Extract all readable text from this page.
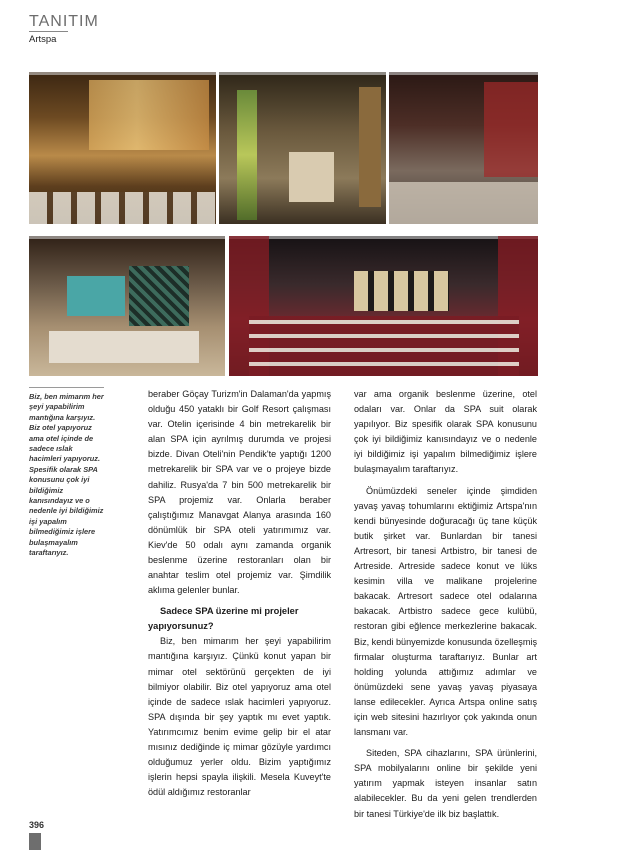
TANITIM
Artspa

Biz, ben mimarım her şeyi yapabilirim mantığına karşıyız. Biz otel yapıyoruz ama otel içinde de sadece ıslak hacimleri yapıyoruz. Spesifik olarak SPA konusunu çok iyi bildiğimiz kanısındayız ve o nedenle iyi bildiğimiz işi yapalım bilmediğimiz işlere bulaşmayalım taraftarıyız.

beraber Göçay Turizm'in Dalaman'da yapmış olduğu 450 yataklı bir Golf Resort çalışması var. Otelin içerisinde 4 bin metrekarelik bir alan SPA için ayrılmış durumda ve projesi bizde. Divan Oteli'nin Pendik'te yaptığı 1200 metrekarelik bir SPA var ve o projeye bizde dahiliz. Rusya'da 7 bin 500 metrekarelik bir SPA projemiz var. Onlarla beraber çalıştığımız Manavgat Alanya arasında 160 dönümlük bir SPA oteli yatırımımız var. Kiev'de 50 odalı aynı zamanda organik beslenme üzerine restoranları olan bir anahtar teslim otel projemiz var. Şimdilik aklıma gelenler bunlar.

Sadece SPA üzerine mi projeler yapıyorsunuz?

Biz, ben mimarım her şeyi yapabilirim mantığına karşıyız. Çünkü konut yapan bir mimar otel sektörünü gerçekten de iyi bilmiyor olabilir. Biz otel yapıyoruz ama otel içinde de sadece ıslak hacimleri yapıyoruz. SPA dışında bir şey yaptık mı evet yaptık. Yatırımcımız benim evime gelip bir el atar mısınız dediğinde iç mimar gözüyle yardımcı olduğumuz yerler oldu. Bizim yaptığımız işlerin hepsi spayla ilişkili. Mesela Kuveyt'te ödül aldığımız restoranlar

var ama organik beslenme üzerine, otel odaları var. Onlar da SPA suit olarak yapılıyor. Biz spesifik olarak SPA konusunu çok iyi bildiğimiz kanısındayız ve o nedenle iyi bildiğimiz işi yapalım bilmediğimiz işlere bulaşmayalım taraftarıyız.

Önümüzdeki seneler içinde şimdiden yavaş yavaş tohumlarını ektiğimiz Artspa'nın kendi bünyesinde doğuracağı üç tane küçük butik şirket var. Bunlardan bir tanesi Artresort, bir tanesi Artbistro, bir tanesi de Artreside. Artreside sadece konut ve lüks kesimin villa ve malikane projelerine bakacak. Artresort sadece otel odalarına bakacak. Artbistro sadece gece kulübü, restoran gibi eğlence merkezlerine bakacak. Biz, kendi bünyemizde konusunda özelleşmiş firmalar oluşturma taraftarıyız. Bunlar art holding yolunda attığımız adımlar ve önümüzdeki sene yavaş yavaş piyasaya lanse edilecekler. Ayrıca Artspa online satış için web sitesini hazırlıyor çok yakında onun lansmanı var.

Siteden, SPA cihazlarını, SPA ürünlerini, SPA mobilyalarını online bir şekilde yeni yatırım yapmak isteyen insanlar satın alabilecekler. Bu da yeni gelen trendlerden bir tanesi Türkiye'de ilk biz başlattık.

396
